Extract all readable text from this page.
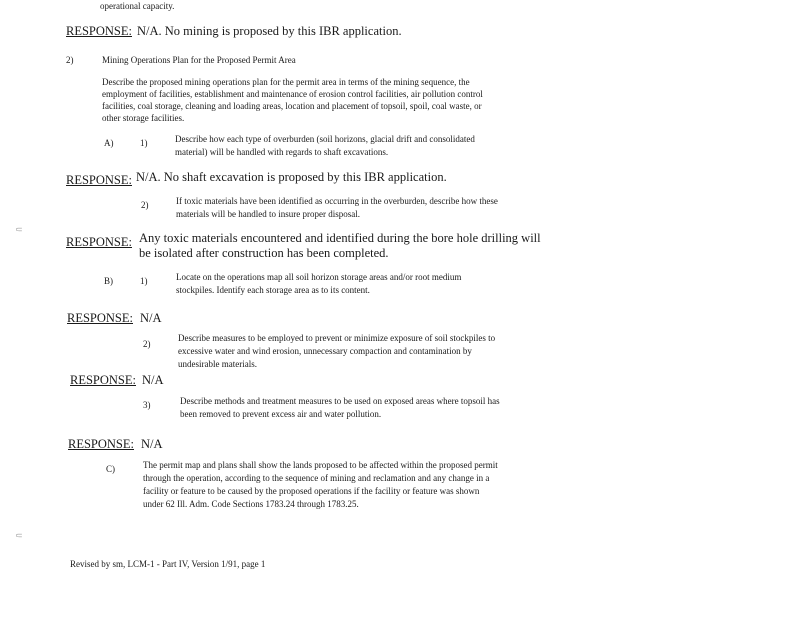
operational capacity.
RESPONSE: N/A. No mining is proposed by this IBR application.
2)	Mining Operations Plan for the Proposed Permit Area
Describe the proposed mining operations plan for the permit area in terms of the mining sequence, the
employment of facilities, establishment and maintenance of erosion control facilities, air pollution control
facilities, coal storage, cleaning and loading areas, location and placement of topsoil, spoil, coal waste, or
other storage facilities.
A)	1)	Describe how each type of overburden (soil horizons, glacial drift and consolidated
material) will be handled with regards to shaft excavations.
RESPONSE: N/A. No shaft excavation is proposed by this IBR application.
2)	If toxic materials have been identified as occurring in the overburden, describe how these
materials will be handled to insure proper disposal.
RESPONSE: Any toxic materials encountered and identified during the bore hole drilling will
be isolated after construction has been completed.
B)	1)	Locate on the operations map all soil horizon storage areas and/or root medium
stockpiles. Identify each storage area as to its content.
RESPONSE: N/A
2)
Describe measures to be employed to prevent or minimize exposure of soil stockpiles to
excessive water and wind erosion, unnecessary compaction and contamination by
undesirable materials.
RESPONSE: N/A
3)	Describe methods and treatment measures to be used on exposed areas where topsoil has
been removed to prevent excess air and water pollution.
RESPONSE: N/A
C)	The permit map and plans shall show the lands proposed to be affected within the proposed permit
through the operation, according to the sequence of mining and reclamation and any change in a
facility or feature to be caused by the proposed operations if the facility or feature was shown
under 62 Ill. Adm. Code Sections 1783.24 through 1783.25.
Revised by sm, LCM-1 - Part IV, Version 1/91, page 1
⸦
⸦
